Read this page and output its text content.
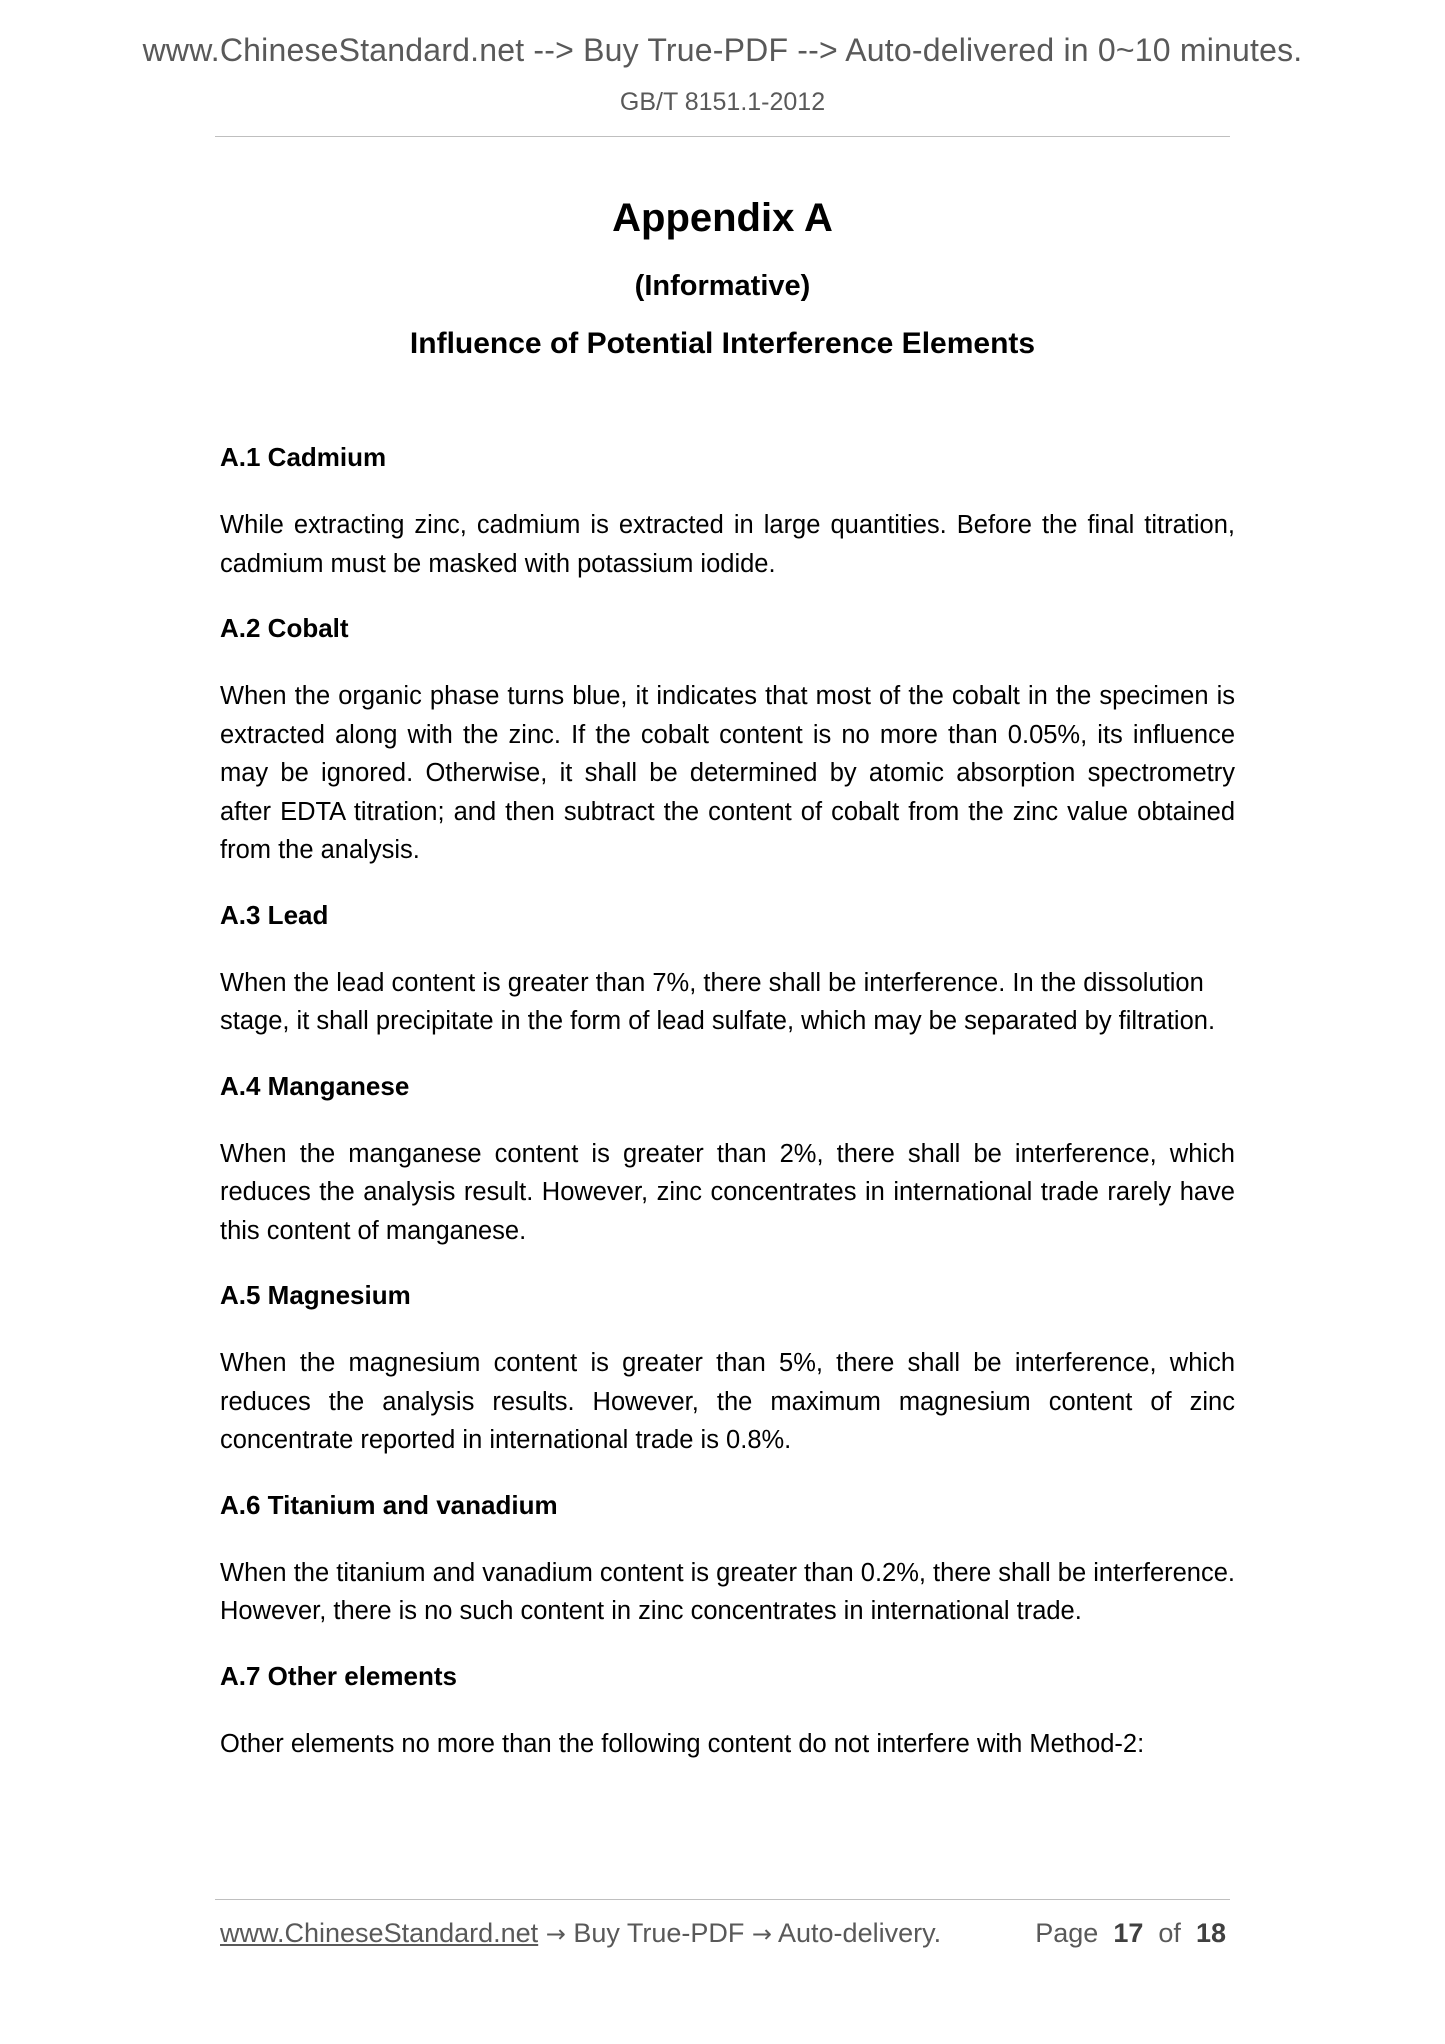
www.ChineseStandard.net --> Buy True-PDF --> Auto-delivered in 0~10 minutes.
GB/T 8151.1-2012
Appendix A
(Informative)
Influence of Potential Interference Elements
A.1 Cadmium
While extracting zinc, cadmium is extracted in large quantities. Before the final titration, cadmium must be masked with potassium iodide.
A.2 Cobalt
When the organic phase turns blue, it indicates that most of the cobalt in the specimen is extracted along with the zinc. If the cobalt content is no more than 0.05%, its influence may be ignored. Otherwise, it shall be determined by atomic absorption spectrometry after EDTA titration; and then subtract the content of cobalt from the zinc value obtained from the analysis.
A.3 Lead
When the lead content is greater than 7%, there shall be interference. In the dissolution
stage, it shall precipitate in the form of lead sulfate, which may be separated by filtration.
A.4 Manganese
When the manganese content is greater than 2%, there shall be interference, which reduces the analysis result. However, zinc concentrates in international trade rarely have this content of manganese.
A.5 Magnesium
When the magnesium content is greater than 5%, there shall be interference, which reduces the analysis results. However, the maximum magnesium content of zinc concentrate reported in international trade is 0.8%.
A.6 Titanium and vanadium
When the titanium and vanadium content is greater than 0.2%, there shall be interference. However, there is no such content in zinc concentrates in international trade.
A.7 Other elements
Other elements no more than the following content do not interfere with Method-2:
www.ChineseStandard.net → Buy True-PDF → Auto-delivery.	Page 17 of 18
